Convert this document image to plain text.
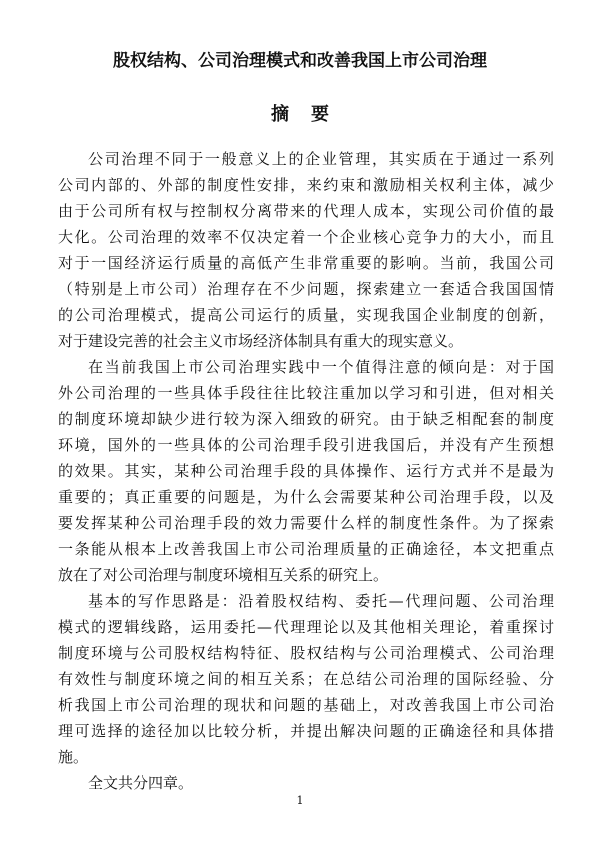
股权结构、公司治理模式和改善我国上市公司治理
摘要

公司治理不同于一般意义上的企业管理，其实质在于通过一系列
公司内部的、外部的制度性安排，来约束和激励相关权利主体，减少
由于公司所有权与控制权分离带来的代理人成本，实现公司价值的最
大化。公司治理的效率不仅决定着一个企业核心竞争力的大小，而且
对于一国经济运行质量的高低产生非常重要的影响。当前，我国公司
（特别是上市公司）治理存在不少问题，探索建立一套适合我国国情
的公司治理模式，提高公司运行的质量，实现我国企业制度的创新，
对于建设完善的社会主义市场经济体制具有重大的现实意义。

在当前我国上市公司治理实践中一个值得注意的倾向是：对于国
外公司治理的一些具体手段往往比较注重加以学习和引进，但对相关
的制度环境却缺少进行较为深入细致的研究。由于缺乏相配套的制度
环境，国外的一些具体的公司治理手段引进我国后，并没有产生预想
的效果。其实，某种公司治理手段的具体操作、运行方式并不是最为
重要的；真正重要的问题是，为什么会需要某种公司治理手段，以及
要发挥某种公司治理手段的效力需要什么样的制度性条件。为了探索
一条能从根本上改善我国上市公司治理质量的正确途径，本文把重点
放在了对公司治理与制度环境相互关系的研究上。

基本的写作思路是：沿着股权结构、委托—代理问题、公司治理
模式的逻辑线路，运用委托—代理理论以及其他相关理论，着重探讨
制度环境与公司股权结构特征、股权结构与公司治理模式、公司治理
有效性与制度环境之间的相互关系；在总结公司治理的国际经验、分
析我国上市公司治理的现状和问题的基础上，对改善我国上市公司治
理可选择的途径加以比较分析，并提出解决问题的正确途径和具体措
施。

全文共分四章。

1
